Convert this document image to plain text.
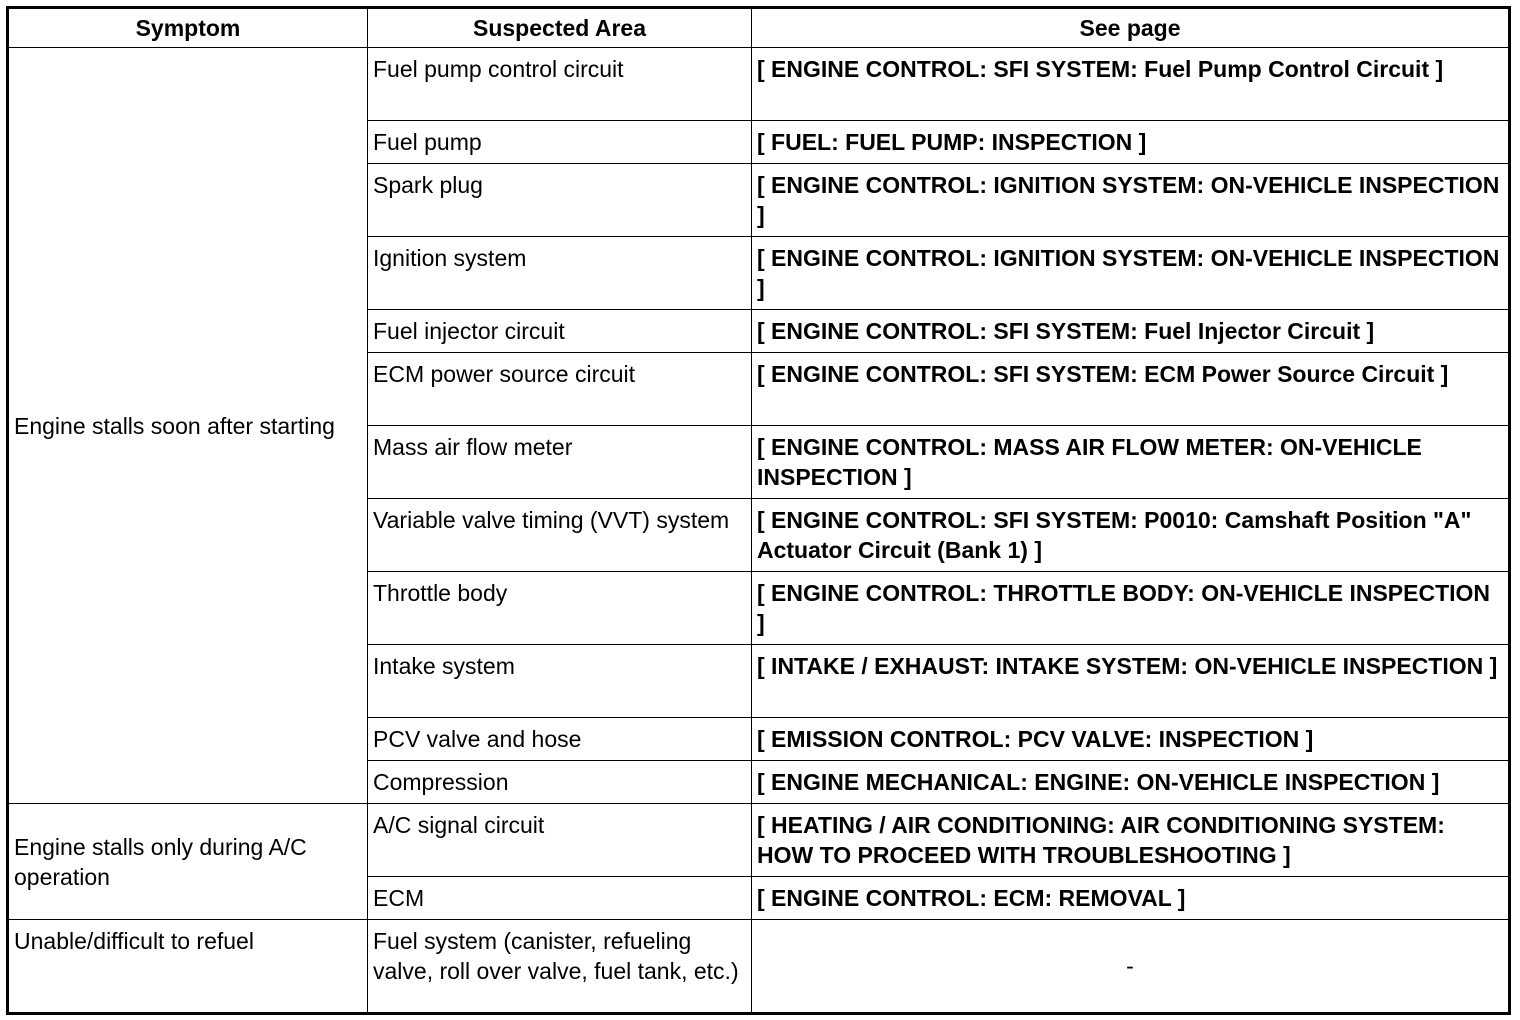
Symptom	Suspected Area	See page
Engine stalls soon after starting	Fuel pump control circuit	[ ENGINE CONTROL: SFI SYSTEM: Fuel Pump Control Circuit ]
	Fuel pump	[ FUEL: FUEL PUMP: INSPECTION ]
	Spark plug	[ ENGINE CONTROL: IGNITION SYSTEM: ON-VEHICLE INSPECTION ]
	Ignition system	[ ENGINE CONTROL: IGNITION SYSTEM: ON-VEHICLE INSPECTION ]
	Fuel injector circuit	[ ENGINE CONTROL: SFI SYSTEM: Fuel Injector Circuit ]
	ECM power source circuit	[ ENGINE CONTROL: SFI SYSTEM: ECM Power Source Circuit ]
	Mass air flow meter	[ ENGINE CONTROL: MASS AIR FLOW METER: ON-VEHICLE INSPECTION ]
	Variable valve timing (VVT) system	[ ENGINE CONTROL: SFI SYSTEM: P0010: Camshaft Position "A" Actuator Circuit (Bank 1) ]
	Throttle body	[ ENGINE CONTROL: THROTTLE BODY: ON-VEHICLE INSPECTION ]
	Intake system	[ INTAKE / EXHAUST: INTAKE SYSTEM: ON-VEHICLE INSPECTION ]
	PCV valve and hose	[ EMISSION CONTROL: PCV VALVE: INSPECTION ]
	Compression	[ ENGINE MECHANICAL: ENGINE: ON-VEHICLE INSPECTION ]
Engine stalls only during A/C operation	A/C signal circuit	[ HEATING / AIR CONDITIONING: AIR CONDITIONING SYSTEM: HOW TO PROCEED WITH TROUBLESHOOTING ]
	ECM	[ ENGINE CONTROL: ECM: REMOVAL ]
Unable/difficult to refuel	Fuel system (canister, refueling valve, roll over valve, fuel tank, etc.)	-
